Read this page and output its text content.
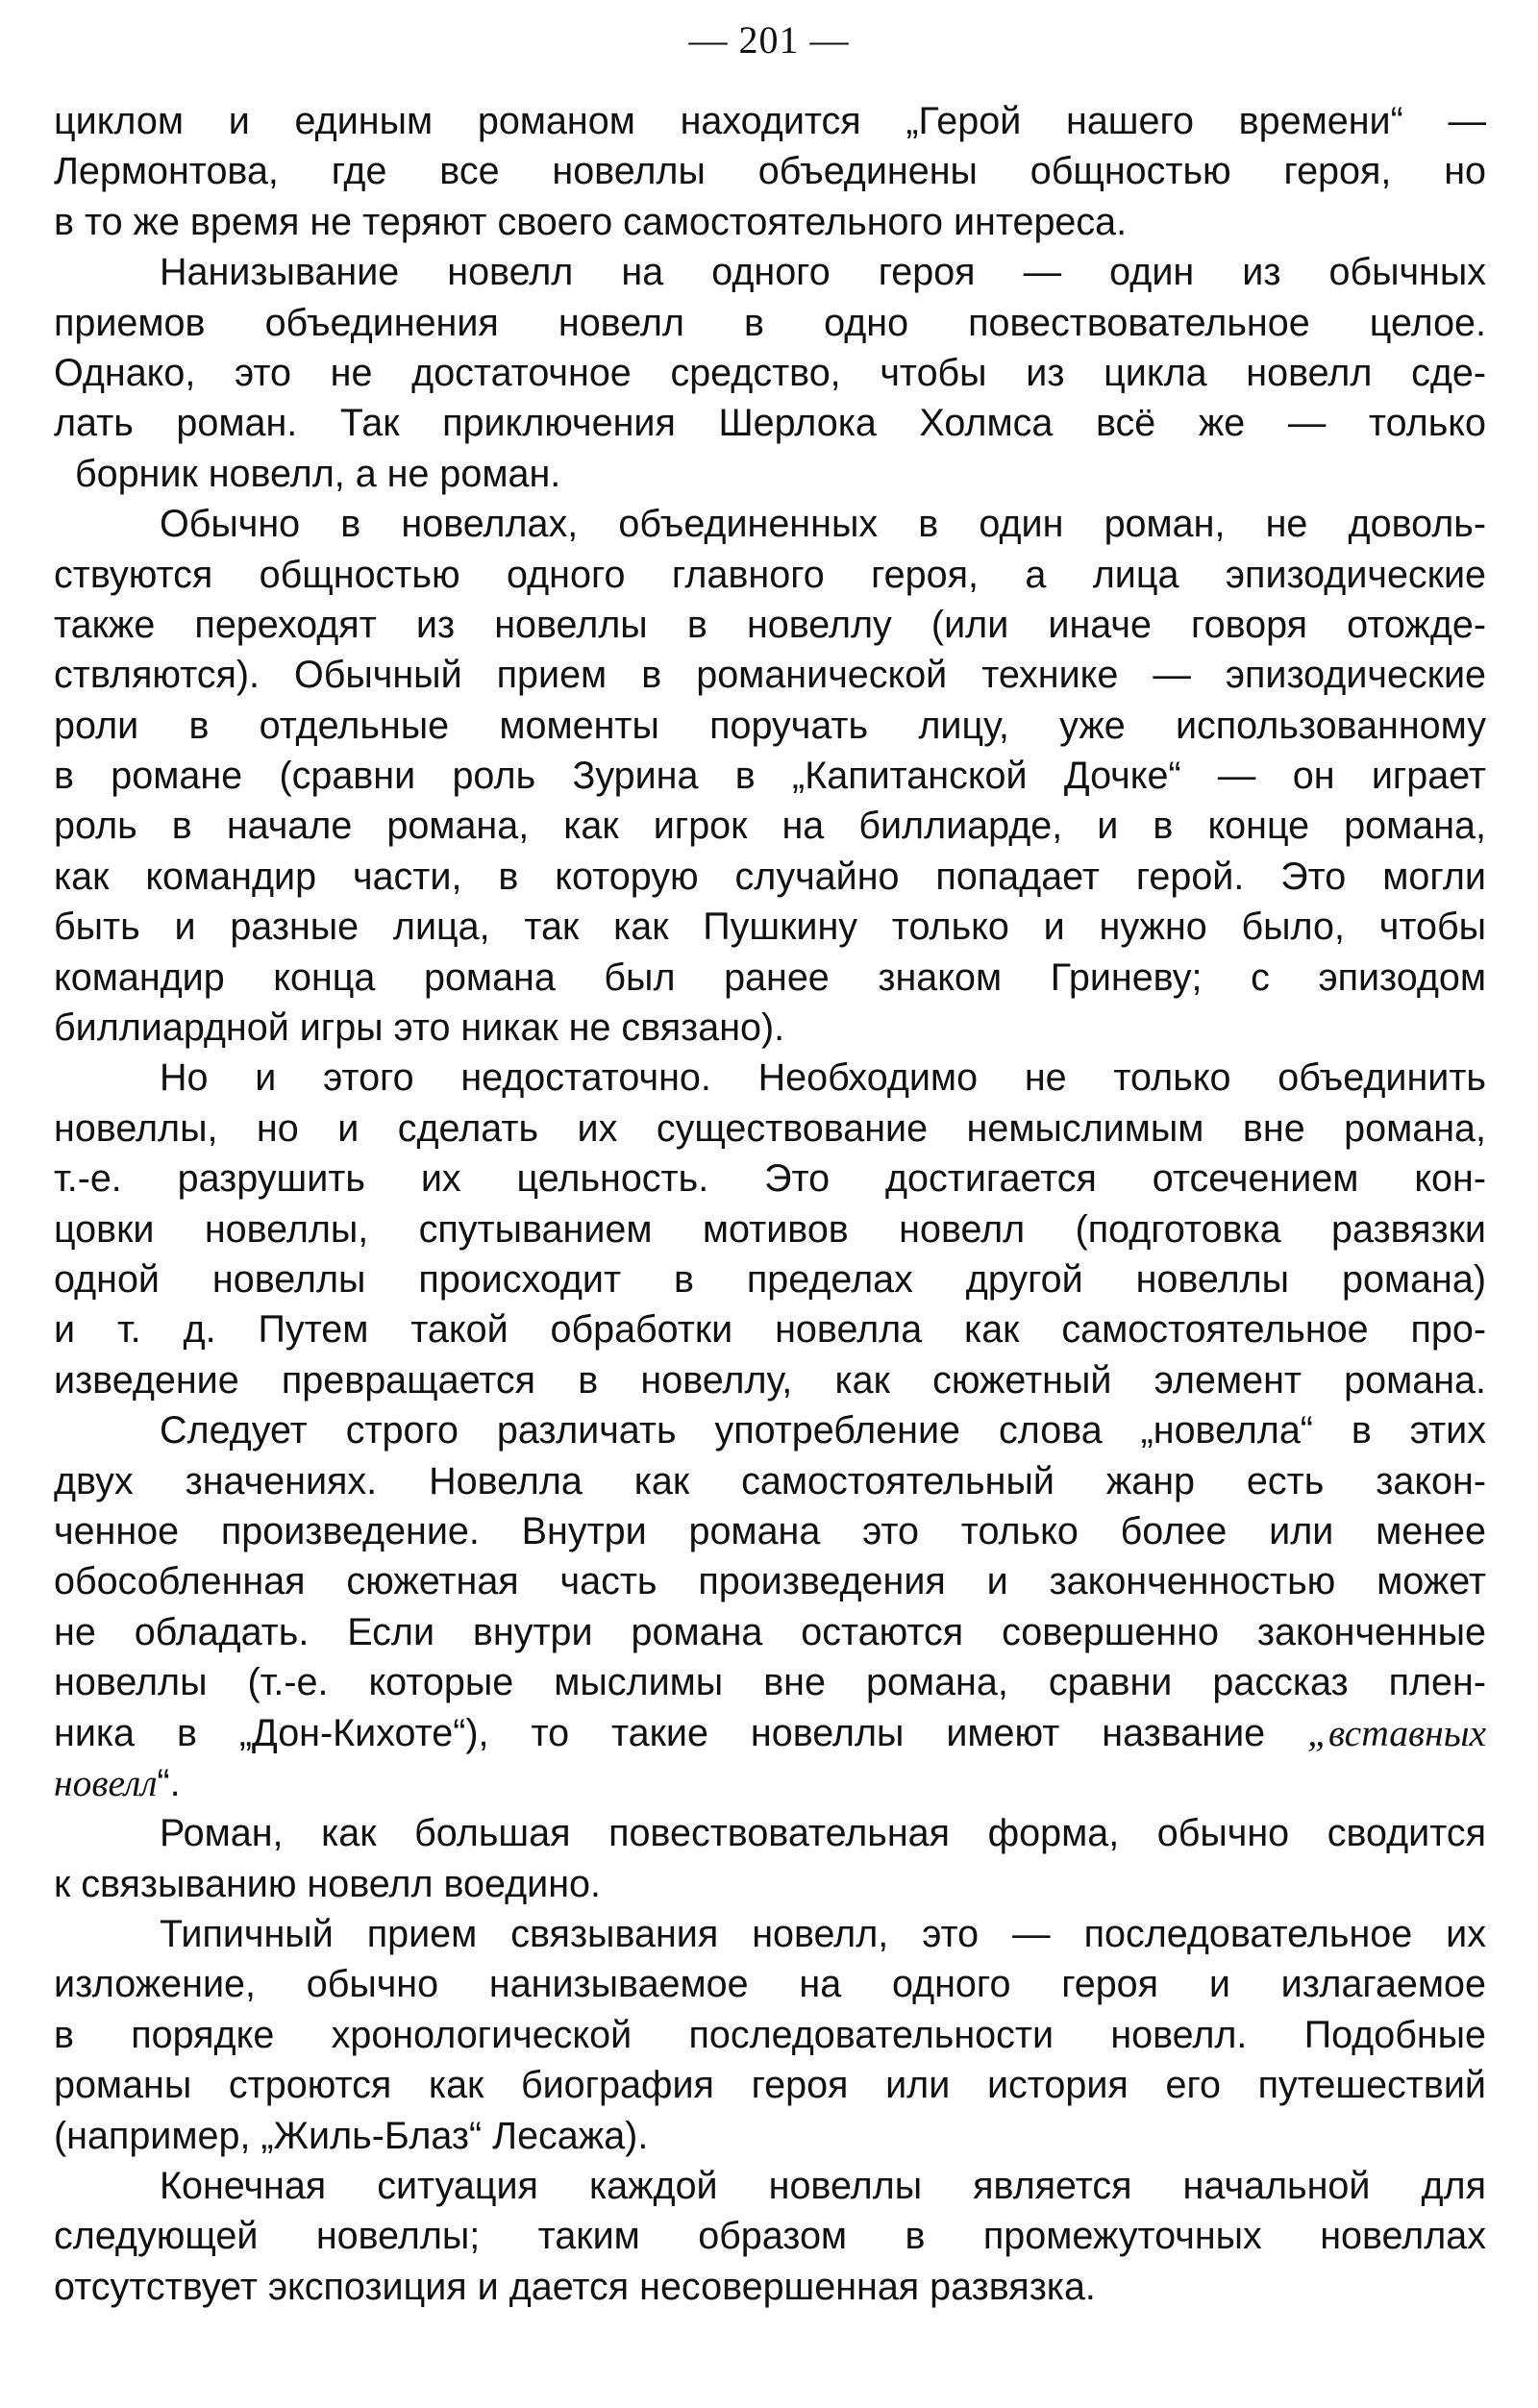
— 201 —
циклом и единым романом находится „Герой нашего времени“ —
Лермонтова, где все новеллы объединены общностью героя, но
в то же время не теряют своего самостоятельного интереса.
Нанизывание новелл на одного героя — один из обычных
приемов объединения новелл в одно повествовательное целое.
Однако, это не достаточное средство, чтобы из цикла новелл сде-
лать роман. Так приключения Шерлока Холмса всё же — только
борник новелл, а не роман.
Обычно в новеллах, объединенных в один роман, не доволь-
ствуются общностью одного главного героя, а лица эпизодические
также переходят из новеллы в новеллу (или иначе говоря отожде-
ствляются). Обычный прием в романической технике — эпизодические
роли в отдельные моменты поручать лицу, уже использованному
в романе (сравни роль Зурина в „Капитанской Дочке“ — он играет
роль в начале романа, как игрок на биллиарде, и в конце романа,
как командир части, в которую случайно попадает герой. Это могли
быть и разные лица, так как Пушкину только и нужно было, чтобы
командир конца романа был ранее знаком Гриневу; с эпизодом
биллиардной игры это никак не связано).
Но и этого недостаточно. Необходимо не только объединить
новеллы, но и сделать их существование немыслимым вне романа,
т.-е. разрушить их цельность. Это достигается отсечением кон-
цовки новеллы, спутыванием мотивов новелл (подготовка развязки
одной новеллы происходит в пределах другой новеллы романа)
и т. д. Путем такой обработки новелла как самостоятельное про-
изведение превращается в новеллу, как сюжетный элемент романа.
Следует строго различать употребление слова „новелла“ в этих
двух значениях. Новелла как самостоятельный жанр есть закон-
ченное произведение. Внутри романа это только более или менее
обособленная сюжетная часть произведения и законченностью может
не обладать. Если внутри романа остаются совершенно законченные
новеллы (т.-е. которые мыслимы вне романа, сравни рассказ плен-
ника в „Дон-Кихоте“), то такие новеллы имеют название „вставных
новелл“.
Роман, как большая повествовательная форма, обычно сводится
к связыванию новелл воедино.
Типичный прием связывания новелл, это — последовательное их
изложение, обычно нанизываемое на одного героя и излагаемое
в порядке хронологической последовательности новелл. Подобные
романы строются как биография героя или история его путешествий
(например, „Жиль-Блаз“ Лесажа).
Конечная ситуация каждой новеллы является начальной для
следующей новеллы; таким образом в промежуточных новеллах
отсутствует экспозиция и дается несовершенная развязка.
